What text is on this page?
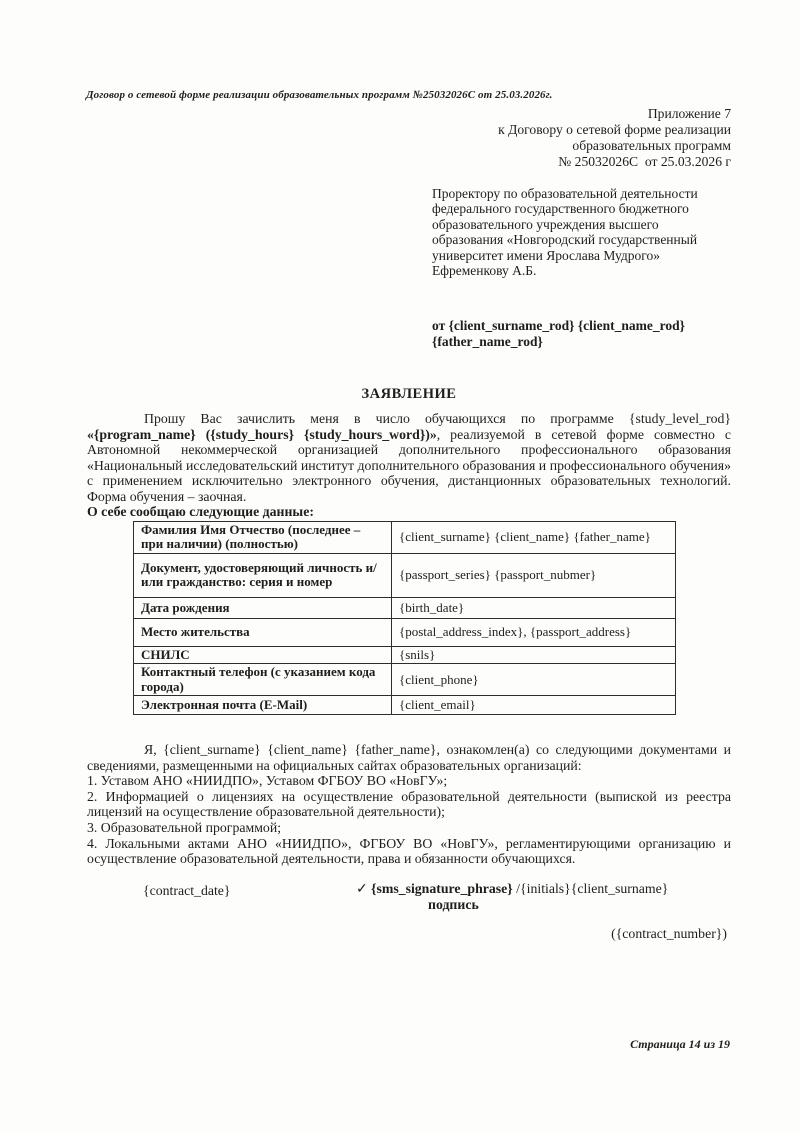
Договор о сетевой форме реализации образовательных программ №25032026С от 25.03.2026г.
Приложение 7
к Договору о сетевой форме реализации
образовательных программ
№ 25032026С  от 25.03.2026 г
Проректору по образовательной деятельности
федерального государственного бюджетного
образовательного учреждения высшего
образования «Новгородский государственный
университет имени Ярослава Мудрого»
Ефременкову А.Б.
от {client_surname_rod} {client_name_rod} {father_name_rod}
ЗАЯВЛЕНИЕ
Прошу Вас зачислить меня в число обучающихся по программе {study_level_rod} «{program_name} ({study_hours} {study_hours_word})», реализуемой в сетевой форме совместно с Автономной некоммерческой организацией дополнительного профессионального образования «Национальный исследовательский институт дополнительного образования и профессионального обучения» с применением исключительно электронного обучения, дистанционных образовательных технологий. Форма обучения – заочная.
О себе сообщаю следующие данные:
Фамилия Имя Отчество (последнее – при наличии) (полностью)	{client_surname} {client_name} {father_name}
Документ, удостоверяющий личность и/или гражданство: серия и номер	{passport_series} {passport_nubmer}
Дата рождения	{birth_date}
Место жительства	{postal_address_index}, {passport_address}
СНИЛС	{snils}
Контактный телефон (с указанием кода города)	{client_phone}
Электронная почта (E-Mail)	{client_email}
Я, {client_surname} {client_name} {father_name}, ознакомлен(а) со следующими документами и сведениями, размещенными на официальных сайтах образовательных организаций:
1. Уставом АНО «НИИДПО», Уставом ФГБОУ ВО «НовГУ»;
2. Информацией о лицензиях на осуществление образовательной деятельности (выпиской из реестра лицензий на осуществление образовательной деятельности);
3. Образовательной программой;
4. Локальными актами АНО «НИИДПО», ФГБОУ ВО «НовГУ», регламентирующими организацию и осуществление образовательной деятельности, права и обязанности обучающихся.
{contract_date}	✓ {sms_signature_phrase} /{initials}{client_surname}
подпись
({contract_number})
Страница 14 из 19
